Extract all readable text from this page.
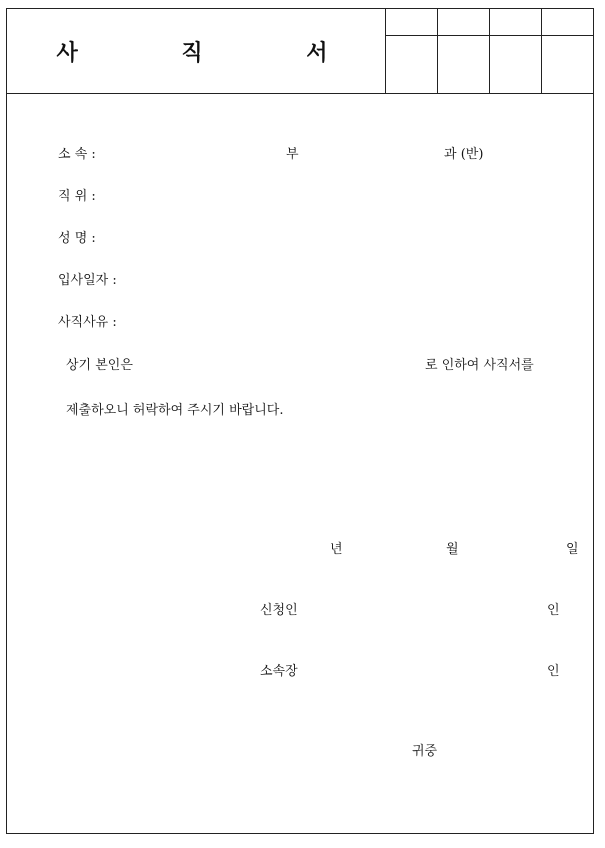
사 직 서
소 속 :	부	과 (반)
직 위 :
성 명 :
입사일자 :
사직사유 :
상기 본인은	로 인하여 사직서를
제출하오니 허락하여 주시기 바랍니다.
년	월	일
신청인	인
소속장	인
귀중
